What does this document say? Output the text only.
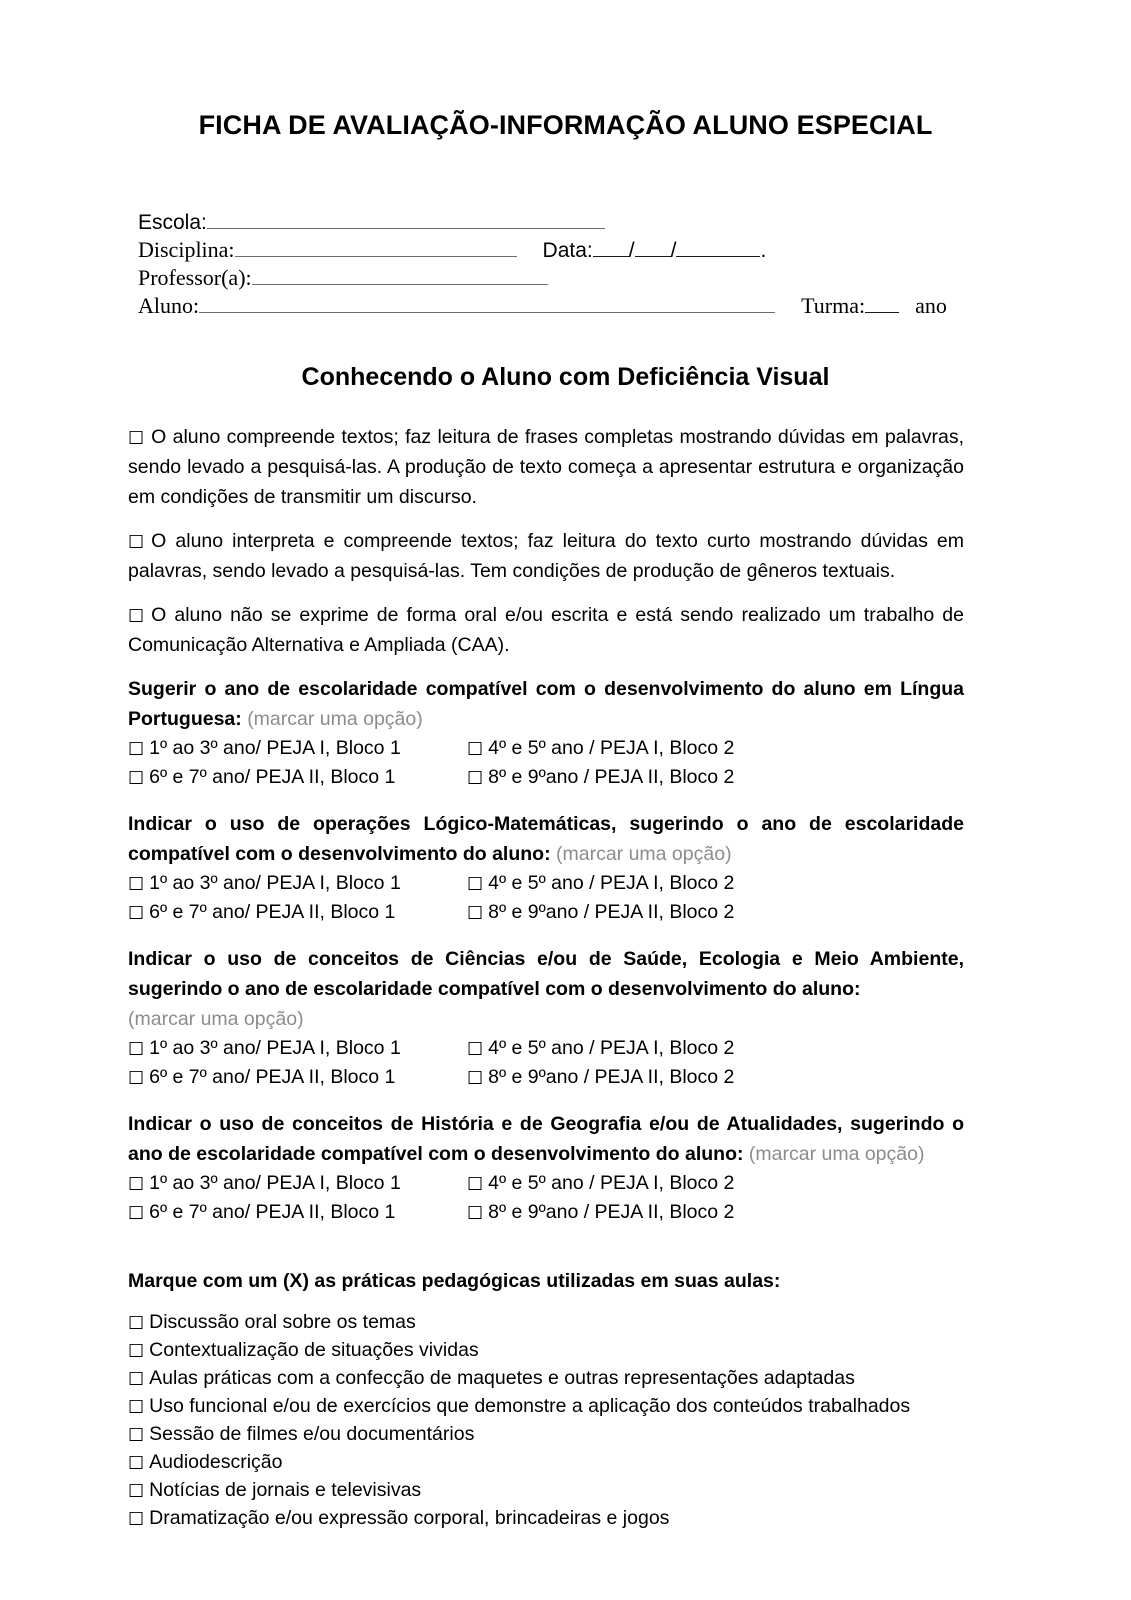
FICHA DE AVALIAÇÃO-INFORMAÇÃO ALUNO ESPECIAL
Escola:
Disciplina:	Data: / /	.
Professor(a):
Aluno:	Turma: ano
Conhecendo o Aluno com Deficiência Visual

☐ O aluno compreende textos; faz leitura de frases completas mostrando dúvidas em palavras, sendo levado a pesquisá-las. A produção de texto começa a apresentar estrutura e organização em condições de transmitir um discurso.

☐ O aluno interpreta e compreende textos; faz leitura do texto curto mostrando dúvidas em palavras, sendo levado a pesquisá-las. Tem condições de produção de gêneros textuais.

☐ O aluno não se exprime de forma oral e/ou escrita e está sendo realizado um trabalho de Comunicação Alternativa e Ampliada (CAA).

Sugerir o ano de escolaridade compatível com o desenvolvimento do aluno em Língua Portuguesa: (marcar uma opção)
☐ 1º ao 3º ano/ PEJA I, Bloco 1	☐ 4º e 5º ano / PEJA I, Bloco 2
☐ 6º e 7º ano/ PEJA II, Bloco 1	☐ 8º e 9ºano / PEJA II, Bloco 2
Indicar o uso de operações Lógico-Matemáticas, sugerindo o ano de escolaridade compatível com o desenvolvimento do aluno: (marcar uma opção)
☐ 1º ao 3º ano/ PEJA I, Bloco 1	☐ 4º e 5º ano / PEJA I, Bloco 2
☐ 6º e 7º ano/ PEJA II, Bloco 1	☐ 8º e 9ºano / PEJA II, Bloco 2
Indicar o uso de conceitos de Ciências e/ou de Saúde, Ecologia e Meio Ambiente, sugerindo o ano de escolaridade compatível com o desenvolvimento do aluno:
(marcar uma opção)
☐ 1º ao 3º ano/ PEJA I, Bloco 1	☐ 4º e 5º ano / PEJA I, Bloco 2
☐ 6º e 7º ano/ PEJA II, Bloco 1	☐ 8º e 9ºano / PEJA II, Bloco 2
Indicar o uso de conceitos de História e de Geografia e/ou de Atualidades, sugerindo o ano de escolaridade compatível com o desenvolvimento do aluno: (marcar uma opção)
☐ 1º ao 3º ano/ PEJA I, Bloco 1	☐ 4º e 5º ano / PEJA I, Bloco 2
☐ 6º e 7º ano/ PEJA II, Bloco 1	☐ 8º e 9ºano / PEJA II, Bloco 2
Marque com um (X) as práticas pedagógicas utilizadas em suas aulas:
☐ Discussão oral sobre os temas
☐ Contextualização de situações vividas
☐ Aulas práticas com a confecção de maquetes e outras representações adaptadas
☐ Uso funcional e/ou de exercícios que demonstre a aplicação dos conteúdos trabalhados
☐ Sessão de filmes e/ou documentários
☐ Audiodescrição
☐ Notícias de jornais e televisivas
☐ Dramatização e/ou expressão corporal, brincadeiras e jogos
